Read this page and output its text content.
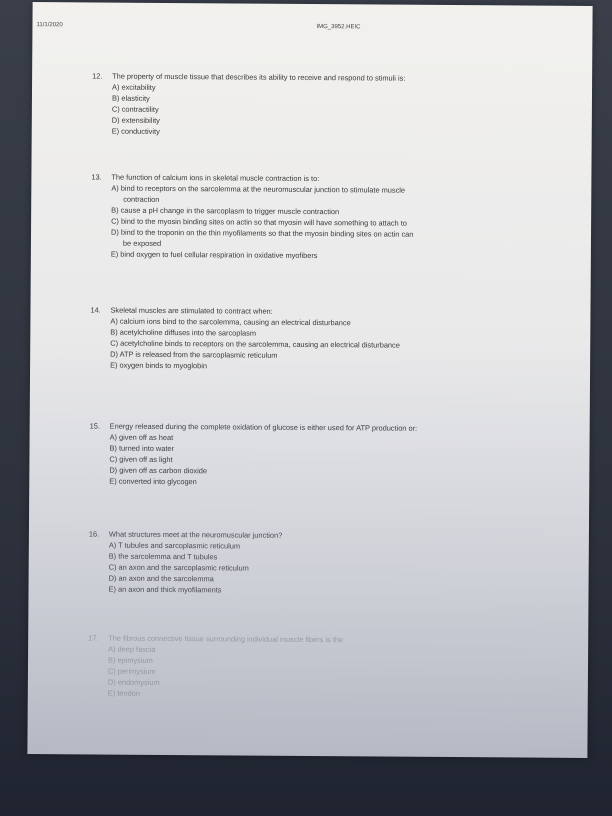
11/1/2020	IMG_3952.HEIC
12.	The property of muscle tissue that describes its ability to receive and respond to stimuli is:
A) excitability
B) elasticity
C) contractility
D) extensibility
E) conductivity
13.	The function of calcium ions in skeletal muscle contraction is to:
A) bind to receptors on the sarcolemma at the neuromuscular junction to stimulate muscle
contraction
B) cause a pH change in the sarcoplasm to trigger muscle contraction
C) bind to the myosin binding sites on actin so that myosin will have something to attach to
D) bind to the troponin on the thin myofilaments so that the myosin binding sites on actin can
be exposed
E) bind oxygen to fuel cellular respiration in oxidative myofibers
14.	Skeletal muscles are stimulated to contract when:
A) calcium ions bind to the sarcolemma, causing an electrical disturbance
B) acetylcholine diffuses into the sarcoplasm
C) acetylcholine binds to receptors on the sarcolemma, causing an electrical disturbance
D) ATP is released from the sarcoplasmic reticulum
E) oxygen binds to myoglobin
15.	Energy released during the complete oxidation of glucose is either used for ATP production or:
A) given off as heat
B) turned into water
C) given off as light
D) given off as carbon dioxide
E) converted into glycogen
16.	What structures meet at the neuromuscular junction?
A) T tubules and sarcoplasmic reticulum
B) the sarcolemma and T tubules
C) an axon and the sarcoplasmic reticulum
D) an axon and the sarcolemma
E) an axon and thick myofilaments
17.	The fibrous connective tissue surrounding individual muscle fibers is the
A) deep fascia
B) epimysium
C) perimysium
D) endomysium
E) tendon
